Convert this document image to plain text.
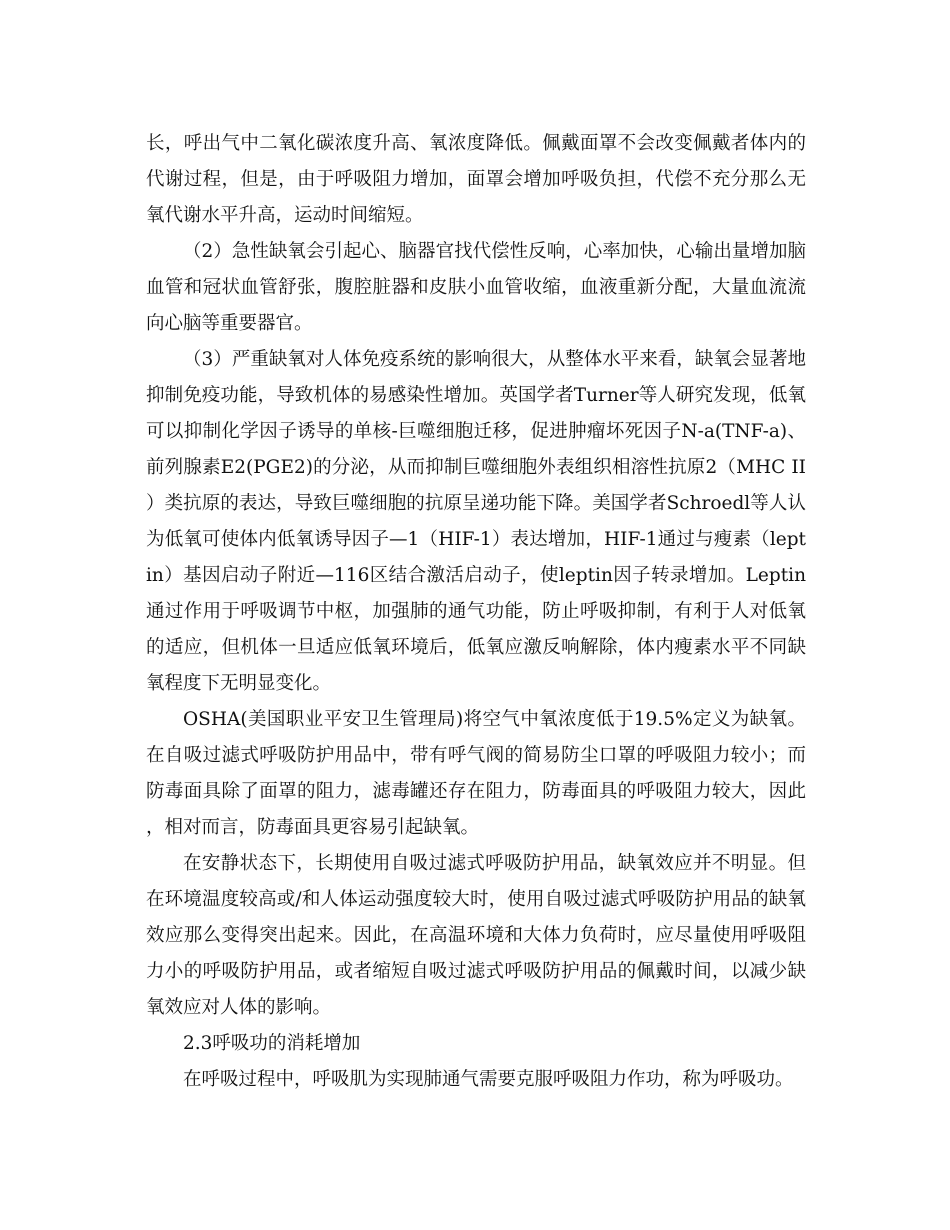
长，呼出气中二氧化碳浓度升高、氧浓度降低。佩戴面罩不会改变佩戴者体内的代谢过程，但是，由于呼吸阻力增加，面罩会增加呼吸负担，代偿不充分那么无氧代谢水平升高，运动时间缩短。

（2）急性缺氧会引起心、脑器官找代偿性反响，心率加快，心输出量增加脑血管和冠状血管舒张，腹腔脏器和皮肤小血管收缩，血液重新分配，大量血流流向心脑等重要器官。

（3）严重缺氧对人体免疫系统的影响很大，从整体水平来看，缺氧会显著地抑制免疫功能，导致机体的易感染性增加。英国学者Turner等人研究发现，低氧可以抑制化学因子诱导的单核-巨噬细胞迁移，促进肿瘤坏死因子N-a(TNF-a)、前列腺素E2(PGE2)的分泌，从而抑制巨噬细胞外表组织相溶性抗原2（MHC II）类抗原的表达，导致巨噬细胞的抗原呈递功能下降。美国学者Schroedl等人认为低氧可使体内低氧诱导因子—1（HIF-1）表达增加，HIF-1通过与瘦素（leptin）基因启动子附近—116区结合激活启动子，使leptin因子转录增加。Leptin通过作用于呼吸调节中枢，加强肺的通气功能，防止呼吸抑制，有利于人对低氧的适应，但机体一旦适应低氧环境后，低氧应激反响解除，体内瘦素水平不同缺氧程度下无明显变化。

OSHA(美国职业平安卫生管理局)将空气中氧浓度低于19.5%定义为缺氧。在自吸过滤式呼吸防护用品中，带有呼气阀的简易防尘口罩的呼吸阻力较小；而防毒面具除了面罩的阻力，滤毒罐还存在阻力，防毒面具的呼吸阻力较大，因此，相对而言，防毒面具更容易引起缺氧。

在安静状态下，长期使用自吸过滤式呼吸防护用品，缺氧效应并不明显。但在环境温度较高或/和人体运动强度较大时，使用自吸过滤式呼吸防护用品的缺氧效应那么变得突出起来。因此，在高温环境和大体力负荷时，应尽量使用呼吸阻力小的呼吸防护用品，或者缩短自吸过滤式呼吸防护用品的佩戴时间，以减少缺氧效应对人体的影响。

2.3呼吸功的消耗增加

在呼吸过程中，呼吸肌为实现肺通气需要克服呼吸阻力作功，称为呼吸功。
